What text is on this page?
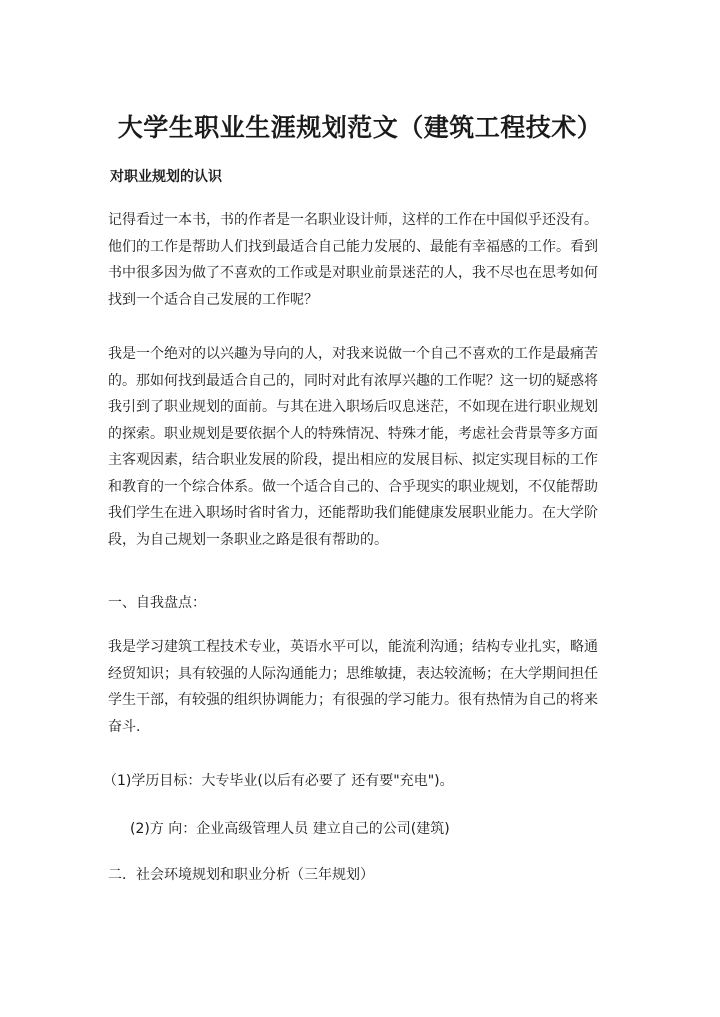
大学生职业生涯规划范文（建筑工程技术）
对职业规划的认识
记得看过一本书，书的作者是一名职业设计师，这样的工作在中国似乎还没有。
他们的工作是帮助人们找到最适合自己能力发展的、最能有幸福感的工作。看到
书中很多因为做了不喜欢的工作或是对职业前景迷茫的人，我不尽也在思考如何
找到一个适合自己发展的工作呢？
我是一个绝对的以兴趣为导向的人，对我来说做一个自己不喜欢的工作是最痛苦
的。那如何找到最适合自己的，同时对此有浓厚兴趣的工作呢？这一切的疑惑将
我引到了职业规划的面前。与其在进入职场后叹息迷茫，不如现在进行职业规划
的探索。职业规划是要依据个人的特殊情况、特殊才能，考虑社会背景等多方面
主客观因素，结合职业发展的阶段，提出相应的发展目标、拟定实现目标的工作
和教育的一个综合体系。做一个适合自己的、合乎现实的职业规划，不仅能帮助
我们学生在进入职场时省时省力，还能帮助我们能健康发展职业能力。在大学阶
段，为自己规划一条职业之路是很有帮助的。
一、自我盘点：
我是学习建筑工程技术专业，英语水平可以，能流利沟通；结构专业扎实，略通
经贸知识；具有较强的人际沟通能力；思维敏捷，表达较流畅；在大学期间担任
学生干部，有较强的组织协调能力；有很强的学习能力。很有热情为自己的将来
奋斗.
（1)学历目标：大专毕业(以后有必要了 还有要"充电")。
(2)方 向：企业高级管理人员 建立自己的公司(建筑)
二．社会环境规划和职业分析（三年规划）
